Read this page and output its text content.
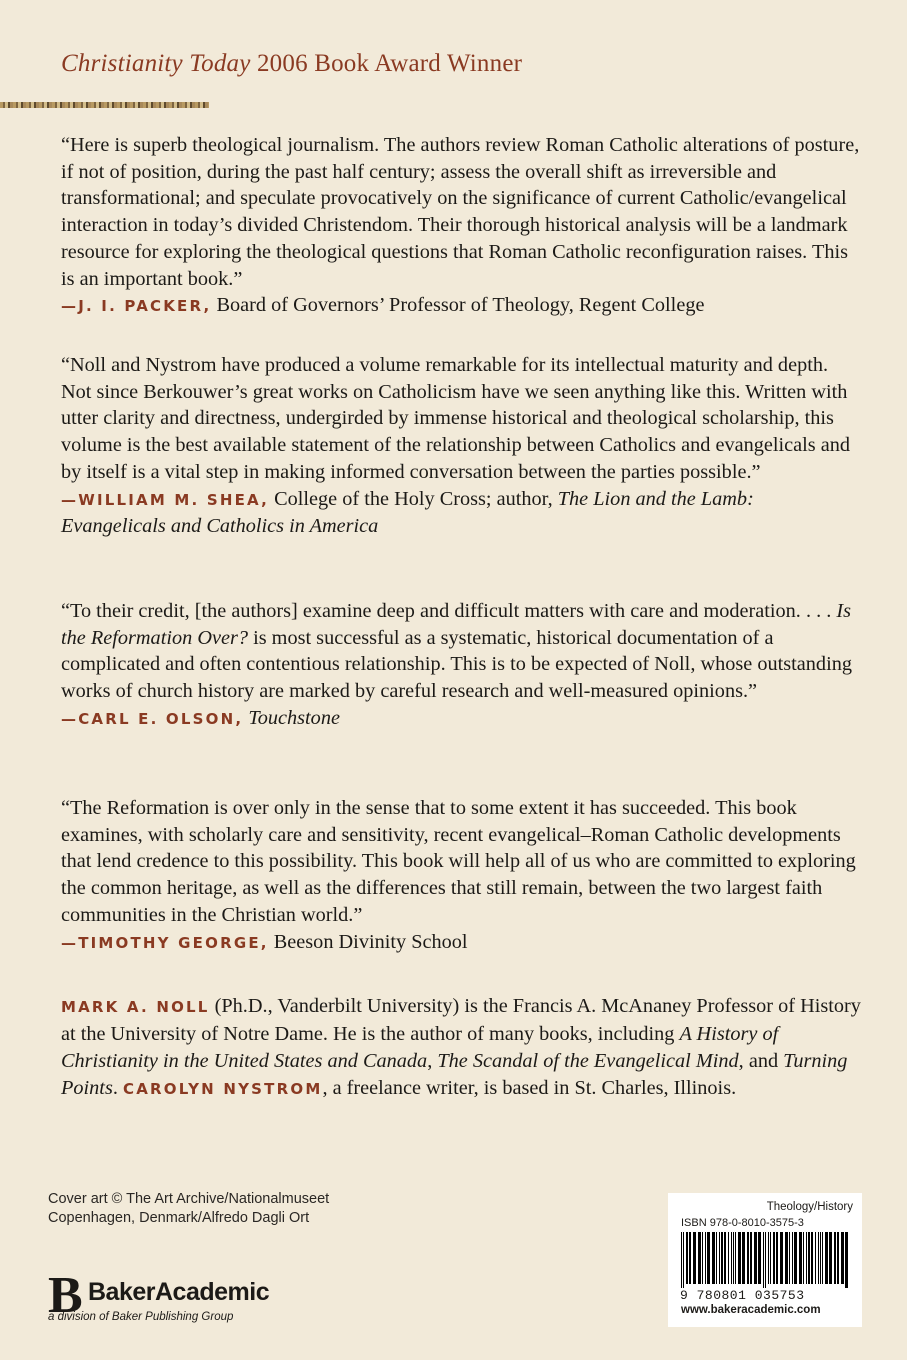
Christianity Today 2006 Book Award Winner

“Here is superb theological journalism. The authors review Roman Catholic alterations of posture, if not of position, during the past half century; assess the overall shift as irreversible and transformational; and speculate provocatively on the significance of current Catholic/evangelical interaction in today’s divided Christendom. Their thorough historical analysis will be a landmark resource for exploring the theological questions that Roman Catholic reconfiguration raises. This is an important book.”

—J. I. PACKER, Board of Governors’ Professor of Theology, Regent College

“Noll and Nystrom have produced a volume remarkable for its intellectual maturity and depth. Not since Berkouwer’s great works on Catholicism have we seen anything like this. Written with utter clarity and directness, undergirded by immense historical and theological scholarship, this volume is the best available statement of the relationship between Catholics and evangelicals and by itself is a vital step in making informed conversation between the parties possible.”

—WILLIAM M. SHEA, College of the Holy Cross; author, The Lion and the Lamb: Evangelicals and Catholics in America

“To their credit, [the authors] examine deep and difficult matters with care and moderation. . . . Is the Reformation Over? is most successful as a systematic, historical documentation of a complicated and often contentious relationship. This is to be expected of Noll, whose outstanding works of church history are marked by careful research and well-measured opinions.”

—CARL E. OLSON, Touchstone

“The Reformation is over only in the sense that to some extent it has succeeded. This book examines, with scholarly care and sensitivity, recent evangelical–Roman Catholic developments that lend credence to this possibility. This book will help all of us who are committed to exploring the common heritage, as well as the differences that still remain, between the two largest faith communities in the Christian world.”

—TIMOTHY GEORGE, Beeson Divinity School

MARK A. NOLL (Ph.D., Vanderbilt University) is the Francis A. McAnaney Professor of History at the University of Notre Dame. He is the author of many books, including A History of Christianity in the United States and Canada, The Scandal of the Evangelical Mind, and Turning Points. CAROLYN NYSTROM, a freelance writer, is based in St. Charles, Illinois.

Cover art © The Art Archive/Nationalmuseet

Copenhagen, Denmark/Alfredo Dagli Ort

B BakerAcademic
a division of Baker Publishing Group
Theology/History
ISBN 978-0-8010-3575-3
9 780801 035753
www.bakeracademic.com
